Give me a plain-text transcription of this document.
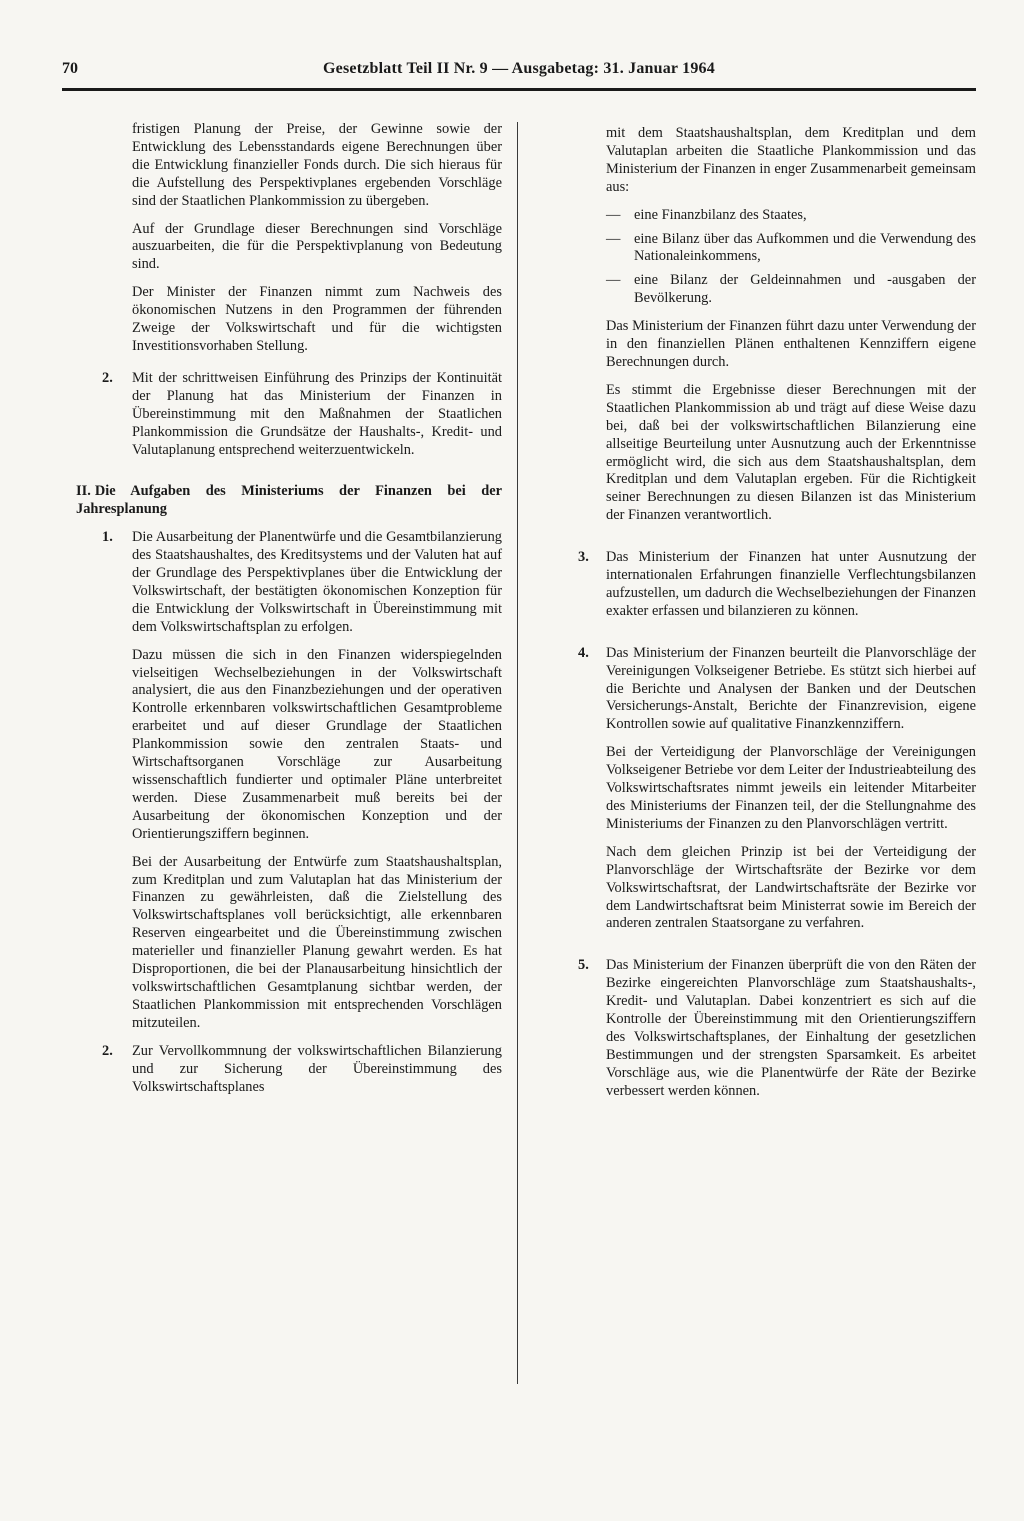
70	Gesetzblatt Teil II Nr. 9 — Ausgabetag: 31. Januar 1964

fristigen Planung der Preise, der Gewinne sowie der Entwicklung des Lebensstandards eigene Berechnungen über die Entwicklung finanzieller Fonds durch. Die sich hieraus für die Aufstellung des Perspektivplanes ergebenden Vorschläge sind der Staatlichen Plankommission zu übergeben.

Auf der Grundlage dieser Berechnungen sind Vorschläge auszuarbeiten, die für die Perspektivplanung von Bedeutung sind.

Der Minister der Finanzen nimmt zum Nachweis des ökonomischen Nutzens in den Programmen der führenden Zweige der Volkswirtschaft und für die wichtigsten Investitionsvorhaben Stellung.

2. Mit der schrittweisen Einführung des Prinzips der Kontinuität der Planung hat das Ministerium der Finanzen in Übereinstimmung mit den Maßnahmen der Staatlichen Plankommission die Grundsätze der Haushalts-, Kredit- und Valutaplanung entsprechend weiterzuentwickeln.

II. Die Aufgaben des Ministeriums der Finanzen bei der Jahresplanung

1. Die Ausarbeitung der Planentwürfe und die Gesamtbilanzierung des Staatshaushaltes, des Kreditsystems und der Valuten hat auf der Grundlage des Perspektivplanes über die Entwicklung der Volkswirtschaft, der bestätigten ökonomischen Konzeption für die Entwicklung der Volkswirtschaft in Übereinstimmung mit dem Volkswirtschaftsplan zu erfolgen.

Dazu müssen die sich in den Finanzen widerspiegelnden vielseitigen Wechselbeziehungen in der Volkswirtschaft analysiert, die aus den Finanzbeziehungen und der operativen Kontrolle erkennbaren volkswirtschaftlichen Gesamtprobleme erarbeitet und auf dieser Grundlage der Staatlichen Plankommission sowie den zentralen Staats- und Wirtschaftsorganen Vorschläge zur Ausarbeitung wissenschaftlich fundierter und optimaler Pläne unterbreitet werden. Diese Zusammenarbeit muß bereits bei der Ausarbeitung der ökonomischen Konzeption und der Orientierungsziffern beginnen.

Bei der Ausarbeitung der Entwürfe zum Staatshaushaltsplan, zum Kreditplan und zum Valutaplan hat das Ministerium der Finanzen zu gewährleisten, daß die Zielstellung des Volkswirtschaftsplanes voll berücksichtigt, alle erkennbaren Reserven eingearbeitet und die Übereinstimmung zwischen materieller und finanzieller Planung gewahrt werden. Es hat Disproportionen, die bei der Planausarbeitung hinsichtlich der volkswirtschaftlichen Gesamtplanung sichtbar werden, der Staatlichen Plankommission mit entsprechenden Vorschlägen mitzuteilen.

2. Zur Vervollkommnung der volkswirtschaftlichen Bilanzierung und zur Sicherung der Übereinstimmung des Volkswirtschaftsplanes

mit dem Staatshaushaltsplan, dem Kreditplan und dem Valutaplan arbeiten die Staatliche Plankommission und das Ministerium der Finanzen in enger Zusammenarbeit gemeinsam aus:

— eine Finanzbilanz des Staates,

— eine Bilanz über das Aufkommen und die Verwendung des Nationaleinkommens,

— eine Bilanz der Geldeinnahmen und -ausgaben der Bevölkerung.

Das Ministerium der Finanzen führt dazu unter Verwendung der in den finanziellen Plänen enthaltenen Kennziffern eigene Berechnungen durch.

Es stimmt die Ergebnisse dieser Berechnungen mit der Staatlichen Plankommission ab und trägt auf diese Weise dazu bei, daß bei der volkswirtschaftlichen Bilanzierung eine allseitige Beurteilung unter Ausnutzung auch der Erkenntnisse ermöglicht wird, die sich aus dem Staatshaushaltsplan, dem Kreditplan und dem Valutaplan ergeben. Für die Richtigkeit seiner Berechnungen zu diesen Bilanzen ist das Ministerium der Finanzen verantwortlich.

3. Das Ministerium der Finanzen hat unter Ausnutzung der internationalen Erfahrungen finanzielle Verflechtungsbilanzen aufzustellen, um dadurch die Wechselbeziehungen der Finanzen exakter erfassen und bilanzieren zu können.
4. Das Ministerium der Finanzen beurteilt die Planvorschläge der Vereinigungen Volkseigener Betriebe. Es stützt sich hierbei auf die Berichte und Analysen der Banken und der Deutschen Versicherungs-Anstalt, Berichte der Finanzrevision, eigene Kontrollen sowie auf qualitative Finanzkennziffern.

Bei der Verteidigung der Planvorschläge der Vereinigungen Volkseigener Betriebe vor dem Leiter der Industrieabteilung des Volkswirtschaftsrates nimmt jeweils ein leitender Mitarbeiter des Ministeriums der Finanzen teil, der die Stellungnahme des Ministeriums der Finanzen zu den Planvorschlägen vertritt.

Nach dem gleichen Prinzip ist bei der Verteidigung der Planvorschläge der Wirtschaftsräte der Bezirke vor dem Volkswirtschaftsrat, der Landwirtschaftsräte der Bezirke vor dem Landwirtschaftsrat beim Ministerrat sowie im Bereich der anderen zentralen Staatsorgane zu verfahren.

5. Das Ministerium der Finanzen überprüft die von den Räten der Bezirke eingereichten Planvorschläge zum Staatshaushalts-, Kredit- und Valutaplan. Dabei konzentriert es sich auf die Kontrolle der Übereinstimmung mit den Orientierungsziffern des Volkswirtschaftsplanes, der Einhaltung der gesetzlichen Bestimmungen und der strengsten Sparsamkeit. Es arbeitet Vorschläge aus, wie die Planentwürfe der Räte der Bezirke verbessert werden können.
